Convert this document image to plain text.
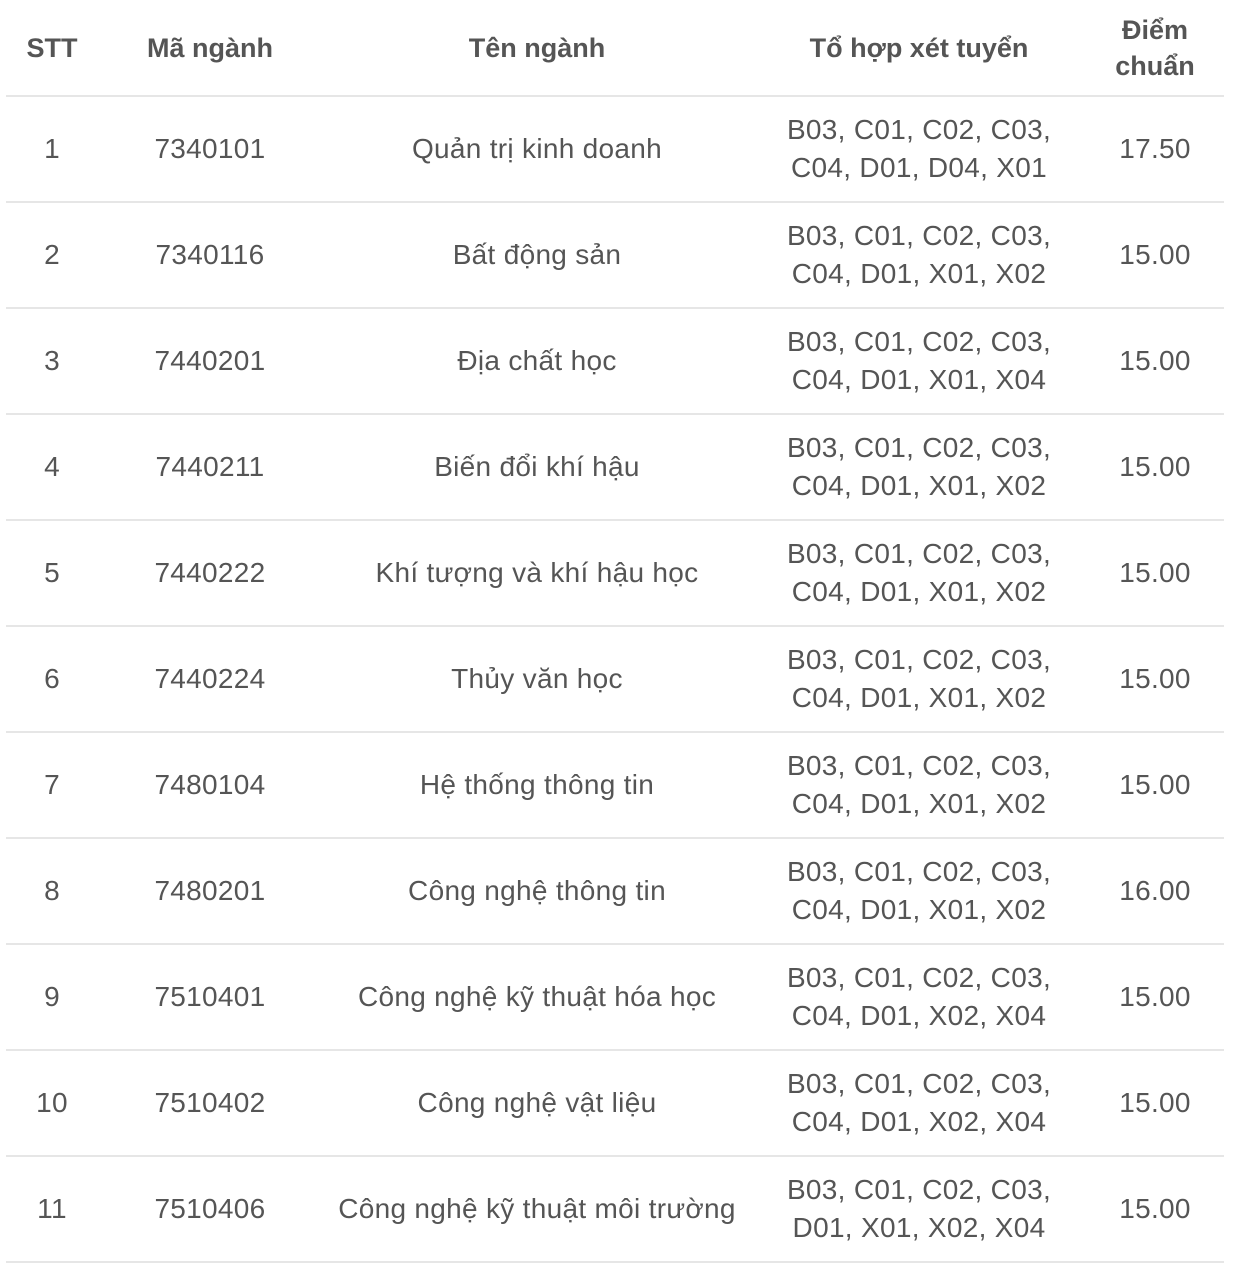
STT	Mã ngành	Tên ngành	Tổ hợp xét tuyển	Điểm
chuẩn

1	7340101	Quản trị kinh doanh	B03, C01, C02, C03,
C04, D01, D04, X01	17.50
2	7340116	Bất động sản	B03, C01, C02, C03,
C04, D01, X01, X02	15.00
3	7440201	Địa chất học	B03, C01, C02, C03,
C04, D01, X01, X04	15.00
4	7440211	Biến đổi khí hậu	B03, C01, C02, C03,
C04, D01, X01, X02	15.00
5	7440222	Khí tượng và khí hậu học	B03, C01, C02, C03,
C04, D01, X01, X02	15.00
6	7440224	Thủy văn học	B03, C01, C02, C03,
C04, D01, X01, X02	15.00
7	7480104	Hệ thống thông tin	B03, C01, C02, C03,
C04, D01, X01, X02	15.00
8	7480201	Công nghệ thông tin	B03, C01, C02, C03,
C04, D01, X01, X02	16.00
9	7510401	Công nghệ kỹ thuật hóa học	B03, C01, C02, C03,
C04, D01, X02, X04	15.00
10	7510402	Công nghệ vật liệu	B03, C01, C02, C03,
C04, D01, X02, X04	15.00
11	7510406	Công nghệ kỹ thuật môi trường	B03, C01, C02, C03,
D01, X01, X02, X04	15.00
